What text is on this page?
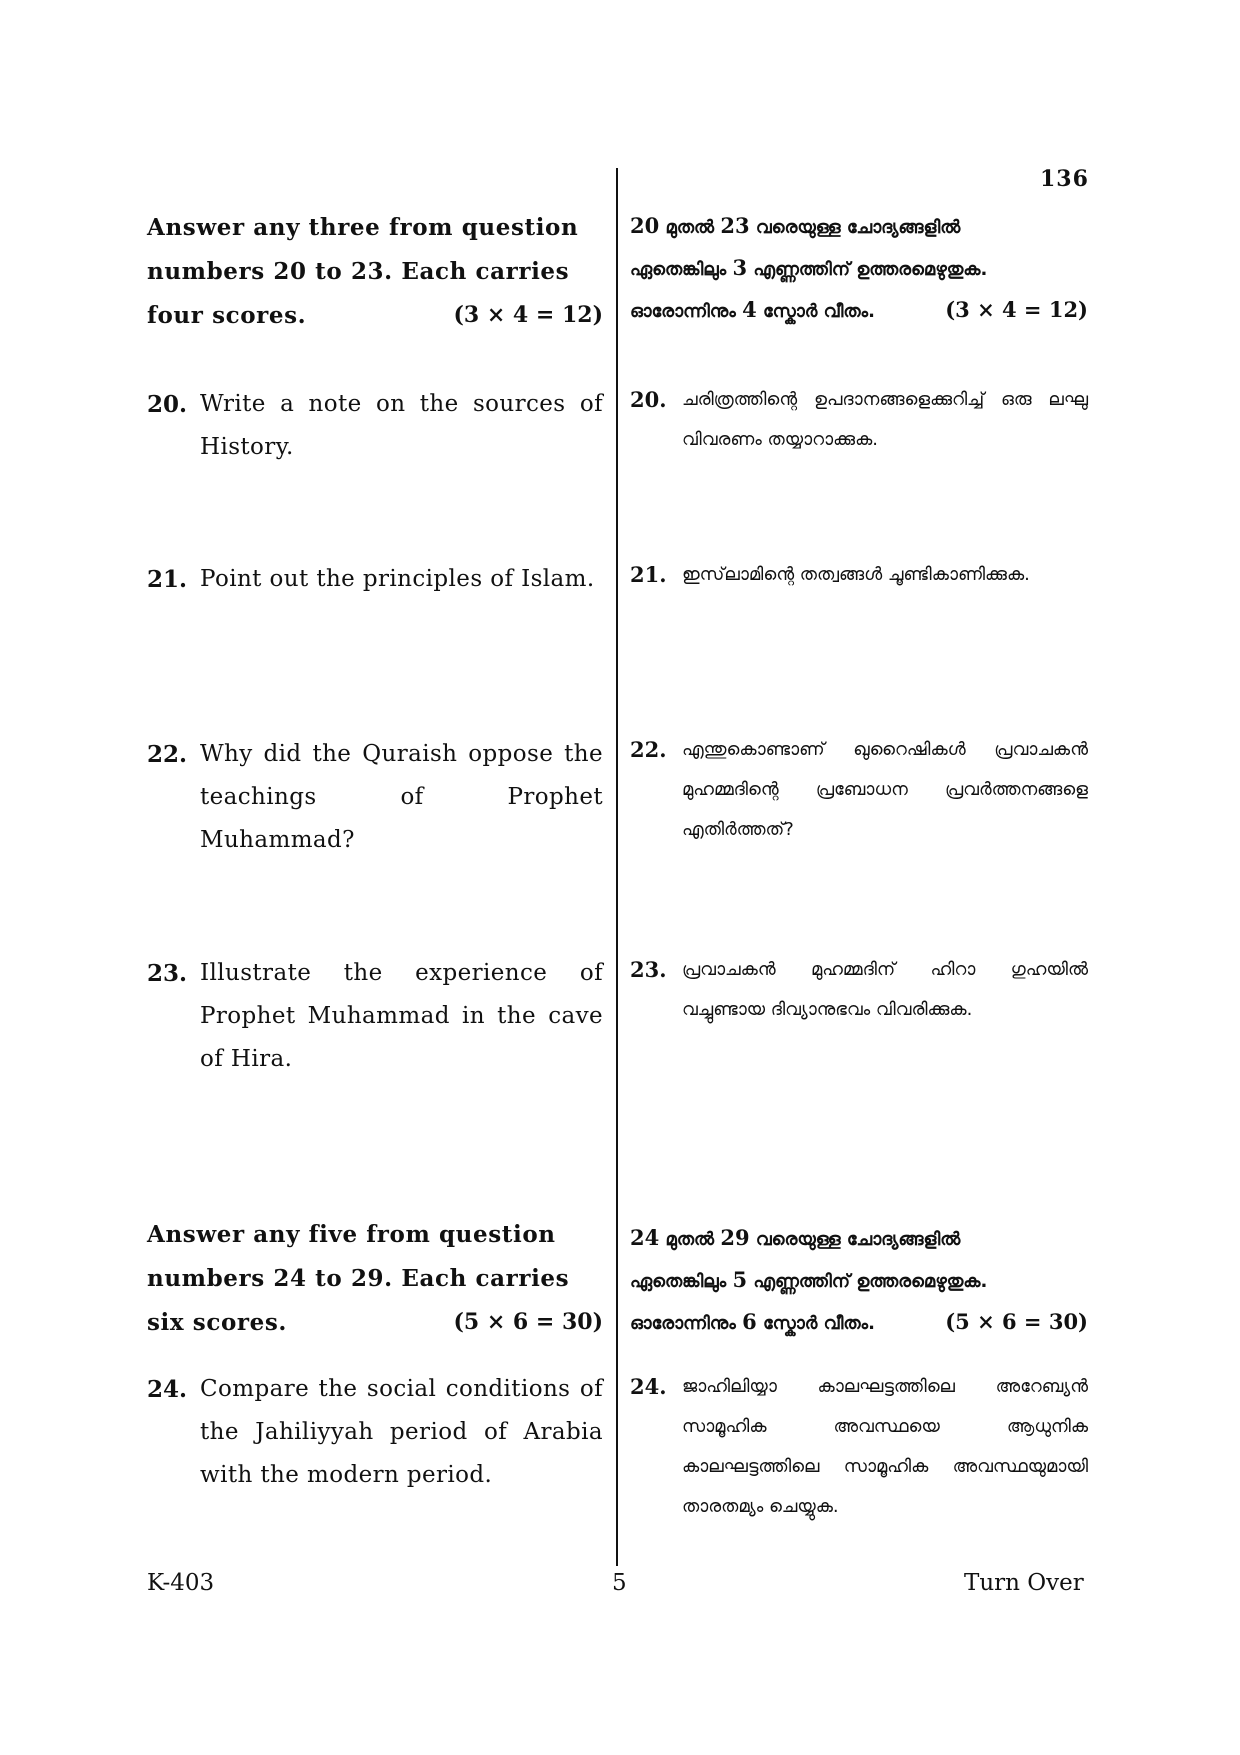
136
Answer any three from question numbers 20 to 23. Each carries four scores.	(3 × 4 = 12)
20 മുതൽ 23 വരെയുള്ള ചോദ്യങ്ങളിൽ
ഏതെങ്കിലും 3 എണ്ണത്തിന് ഉത്തരമെഴുതുക.
ഓരോന്നിനും 4 സ്കോർ വീതം.	(3 × 4 = 12)
20. Write a note on the sources of History.
20. ചരിത്രത്തിന്റെ ഉപദാനങ്ങളെക്കുറിച്ച് ഒരു ലഘു വിവരണം തയ്യാറാക്കുക.
21. Point out the principles of Islam.	21. ഇസ്‌ലാമിന്റെ തത്വങ്ങൾ ചൂണ്ടികാണിക്കുക.
22. Why did the Quraish oppose the teachings of Prophet Muhammad?
22. എന്തുകൊണ്ടാണ് ഖുറൈഷികൾ പ്രവാചകൻ മുഹമ്മദിന്റെ പ്രബോധന പ്രവർത്തനങ്ങളെ എതിർത്തത്?
23. Illustrate the experience of Prophet Muhammad in the cave of Hira.
23. പ്രവാചകൻ മുഹമ്മദിന് ഹിറാ ഗുഹയിൽ വച്ചുണ്ടായ ദിവ്യാനുഭവം വിവരിക്കുക.
Answer any five from question numbers 24 to 29. Each carries six scores.	(5 × 6 = 30)
24 മുതൽ 29 വരെയുള്ള ചോദ്യങ്ങളിൽ
ഏതെങ്കിലും 5 എണ്ണത്തിന് ഉത്തരമെഴുതുക.
ഓരോന്നിനും 6 സ്കോർ വീതം.	(5 × 6 = 30)
24. Compare the social conditions of the Jahiliyyah period of Arabia with the modern period.
24. ജാഹിലിയ്യാ കാലഘട്ടത്തിലെ അറേബ്യൻ സാമൂഹിക അവസ്ഥയെ ആധുനിക കാലഘട്ടത്തിലെ സാമൂഹിക അവസ്ഥയുമായി താരതമ്യം ചെയ്യുക.
K-403	5	Turn Over
